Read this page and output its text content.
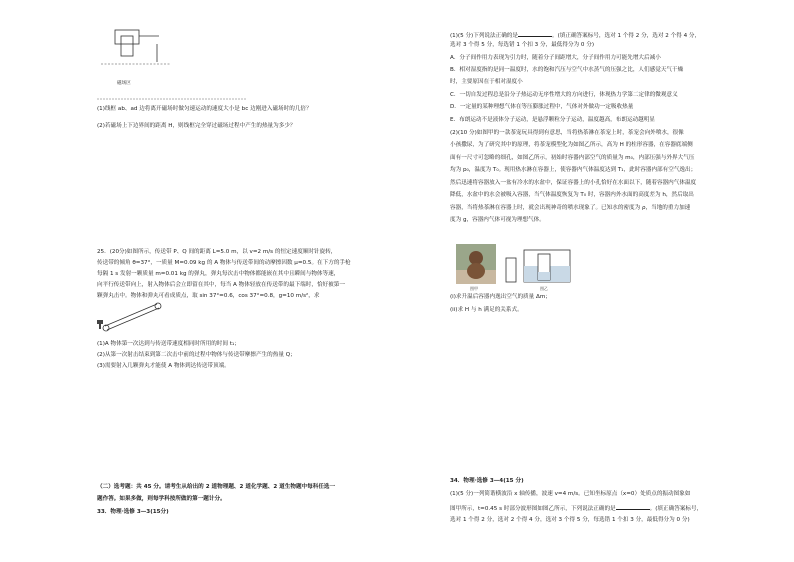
磁场区
(1)线框 ab、ad 边将离开磁场时做匀速运动的速度大小是 bc 边刚进入磁场时的几倍？
(2)若磁场上下边界间的距离 H，则线框完全穿过磁场过程中产生的热量为多少？
25．(20分)如图所示，传送带 P、Q 间的距离 L=5.0 m，以 v=2 m/s 的恒定速度顺时针旋转，
传送带的倾角 θ=37°，一质量 M=0.09 kg 的 A 物体与传送带间的动摩擦因数 μ=0.5。在下方的手枪
每隔 1 s 发射一颗质量 m=0.01 kg 的弹丸，弹丸每次击中物体都能嵌在其中且瞬间与物体等速，
向平行传送带向上，射入物体后会立即留在其中，每当 A 物体轻放在传送带的最下端时，恰好被第一
颗弹丸击中。物体和弹丸可看成质点，取 sin 37°=0.6，cos 37°=0.8，g=10 m/s²，求
(1)A 物体第一次达到与传送带速度相同时所用的时间 t₁；
(2)从第一次射击结束到第二次击中前的过程中物体与传送带摩擦产生的热量 Q；
(3)需要射入几颗弹丸才能使 A 物体到达传送带顶端。
（二）选考题：共 45 分。请考生从给出的 2 道物理题、2 道化学题、2 道生物题中每科任选一
题作答。如果多做，则每学科按所做的第一题计分。
33．物理·选修 3—3(15分)
(1)(5 分)下列说法正确的是	。(填正确答案标号，选对 1 个得 2 分，选对 2 个得 4 分，
选对 3 个得 5 分，每选错 1 个扣 3 分，最低得分为 0 分)
A．分子间作用力表现为引力时，随着分子间距增大，分子间作用力可能先增大后减小
B．相对湿度指的是同一温度时，水的饱和汽压与空气中水蒸气的压强之比，人们感觉天气干燥
时，主要原因在于相对湿度小
C．一切自发过程总是沿分子热运动无序性增大的方向进行，体现热力学第二定律的微观意义
D．一定量的某种理想气体在等压膨胀过程中，气体对外做功一定吸收热量
E．布朗运动不是液体分子运动，是悬浮颗粒分子运动，温度越高，布朗运动越明显
(2)(10 分)如图甲的一款茶宠玩具得到有意思，当将热茶淋在茶宠上时，茶宠会向外喷水，很像
小孩撒尿，为了研究其中的原理，将茶宠模型化为如图乙所示，高为 H 的柱形容器，在容器底端侧
面有一尺寸可忽略的细孔，如图乙所示，初始时容器内部空气的质量为 m₀，内部压强与外界大气压
均为 p₀，温度为 T₀。现用热水淋在容器上，使容器内气体温度达到 T₁，此时容器内部有空气逸出；
然后迅速将容器放入一盆有冷水的水盆中，保证容器上的小孔恰好在水面以下，随着容器内气体温度
降低，水盆中的水会被吸入容器，当气体温度恢复为 T₀ 时，容器内外水面的高度差为 h，然后取出
容器，当将热茶淋在容器上时，就会出现神奇的喷水现象了。已知水的密度为 ρ，当地的重力加速
度为 g，容器内气体可视为理想气体。
图甲	图乙
(i)求升温后容器内逸出空气的质量 Δm；
(ii)求 H 与 h 满足的关系式。
34．物理·选修 3—4(15 分)
(1)(5 分)一列简谐横波沿 x 轴传播，波速 v=4 m/s。已知坐标原点（x=0）处质点的振动图象如
图甲所示，t=0.45 s 时部分波形图如图乙所示，下列说法正确的是	。(填正确答案标号，
选对 1 个得 2 分，选对 2 个得 4 分，选对 3 个得 5 分，每选错 1 个扣 3 分，最低得分为 0 分)
